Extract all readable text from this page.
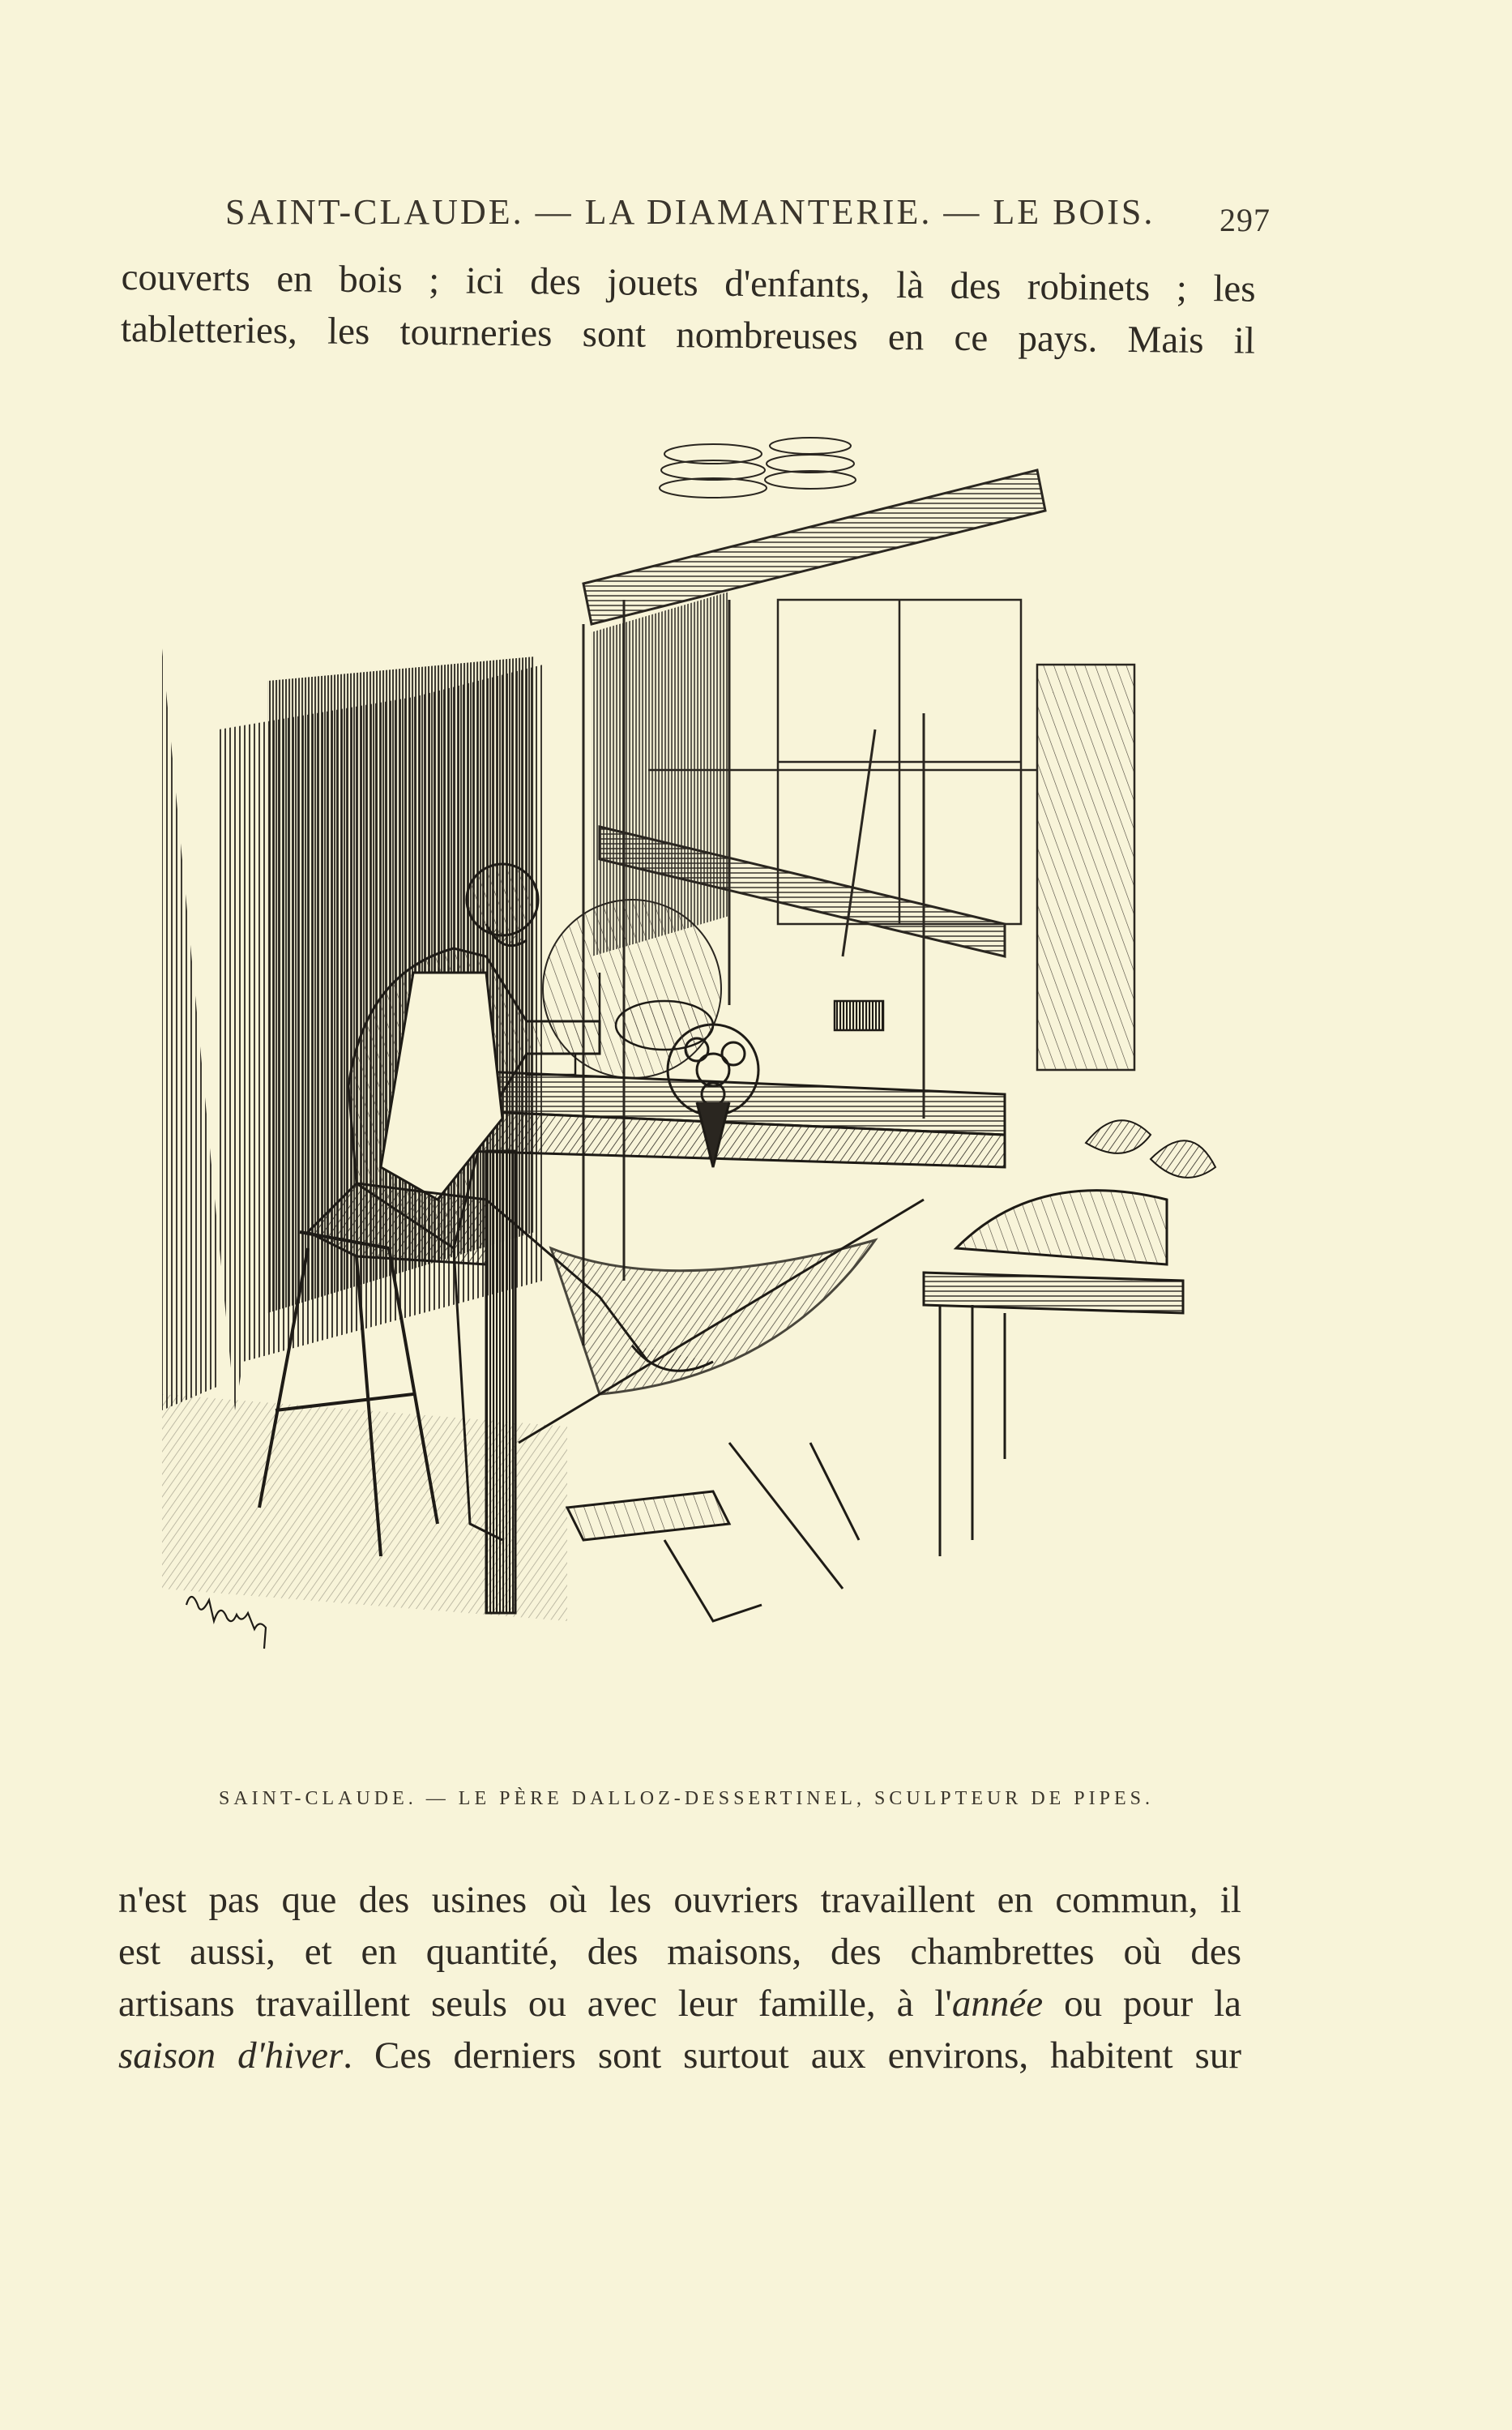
SAINT-CLAUDE. — LA DIAMANTERIE. — LE BOIS. 297

couverts en bois ; ici des jouets d'enfants, là des robinets ; les

tabletteries, les tourneries sont nombreuses en ce pays. Mais il

SAINT-CLAUDE. — LE PÈRE DALLOZ-DESSERTINEL, SCULPTEUR DE PIPES.

n'est pas que des usines où les ouvriers travaillent en commun, il

est aussi, et en quantité, des maisons, des chambrettes où des

artisans travaillent seuls ou avec leur famille, à l'année ou pour la

saison d'hiver. Ces derniers sont surtout aux environs, habitent sur
